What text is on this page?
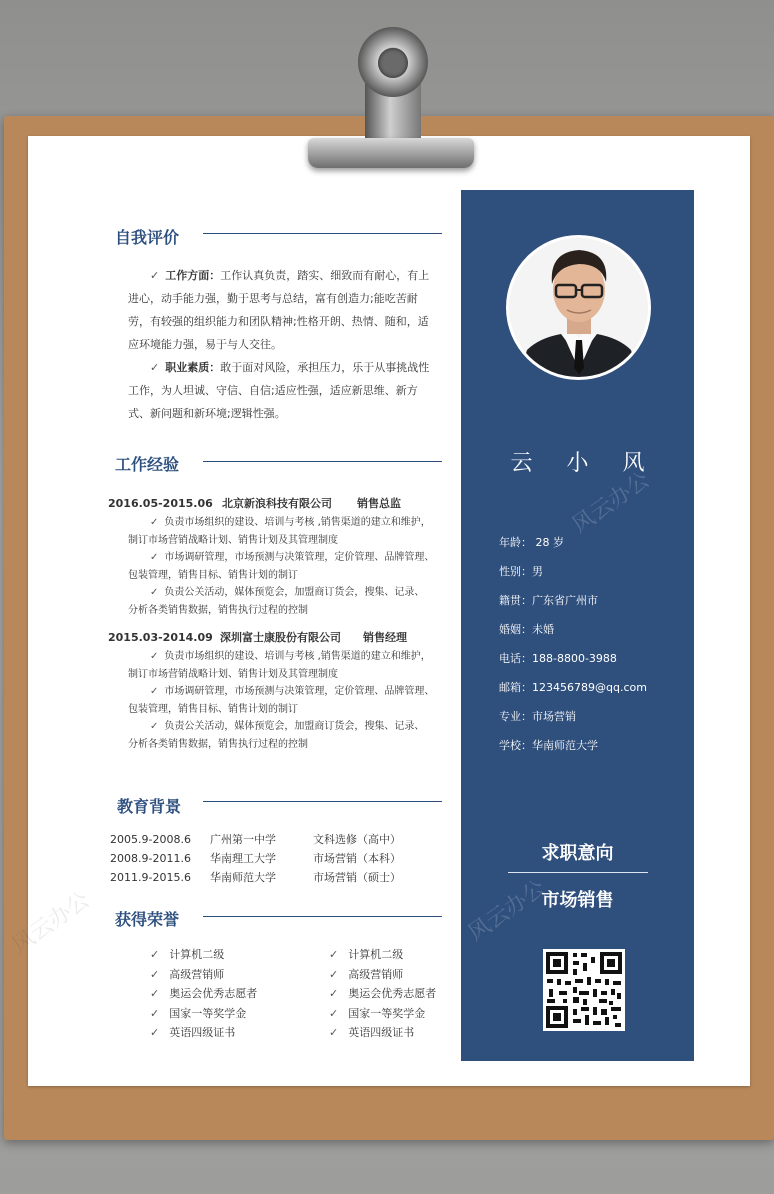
自我评价
✓ 工作方面：工作认真负责，踏实、细致而有耐心，有上进心，动手能力强，勤于思考与总结，富有创造力;能吃苦耐劳，有较强的组织能力和团队精神;性格开朗、热情、随和，适应环境能力强，易于与人交往。
✓ 职业素质：敢于面对风险，承担压力，乐于从事挑战性工作，为人坦诚、守信、自信;适应性强，适应新思维、新方式、新问题和新环境;逻辑性强。
工作经验
2016.05-2015.06 北京新浪科技有限公司 销售总监
✓ 负责市场组织的建设、培训与考核 ,销售渠道的建立和维护，
制订市场营销战略计划、销售计划及其管理制度
✓ 市场调研管理，市场预测与决策管理，定价管理、品牌管理、
包装管理，销售目标、销售计划的制订
✓ 负责公关活动，媒体预览会，加盟商订货会，搜集、记录、
分析各类销售数据，销售执行过程的控制
2015.03-2014.09 深圳富士康股份有限公司 销售经理
✓ 负责市场组织的建设、培训与考核 ,销售渠道的建立和维护，
制订市场营销战略计划、销售计划及其管理制度
✓ 市场调研管理，市场预测与决策管理，定价管理、品牌管理、
包装管理，销售目标、销售计划的制订
✓ 负责公关活动，媒体预览会，加盟商订货会，搜集、记录、
分析各类销售数据，销售执行过程的控制
教育背景
2005.9-2008.6 广州第一中学	文科选修（高中）
2008.9-2011.6 华南理工大学	市场营销（本科）
2011.9-2015.6 华南师范大学	市场营销（硕士）
获得荣誉
✓ 计算机二级
✓ 高级营销师
✓ 奥运会优秀志愿者
✓ 国家一等奖学金
✓ 英语四级证书
✓ 计算机二级
✓ 高级营销师
✓ 奥运会优秀志愿者
✓ 国家一等奖学金
✓ 英语四级证书
风云办公
云小风
风云办公
年龄： 28 岁
性别：男
籍贯：广东省广州市
婚姻：未婚
电话：188-8800-3988
邮箱：123456789@qq.com
专业：市场营销
学校：华南师范大学
求职意向
市场销售
风云办公
